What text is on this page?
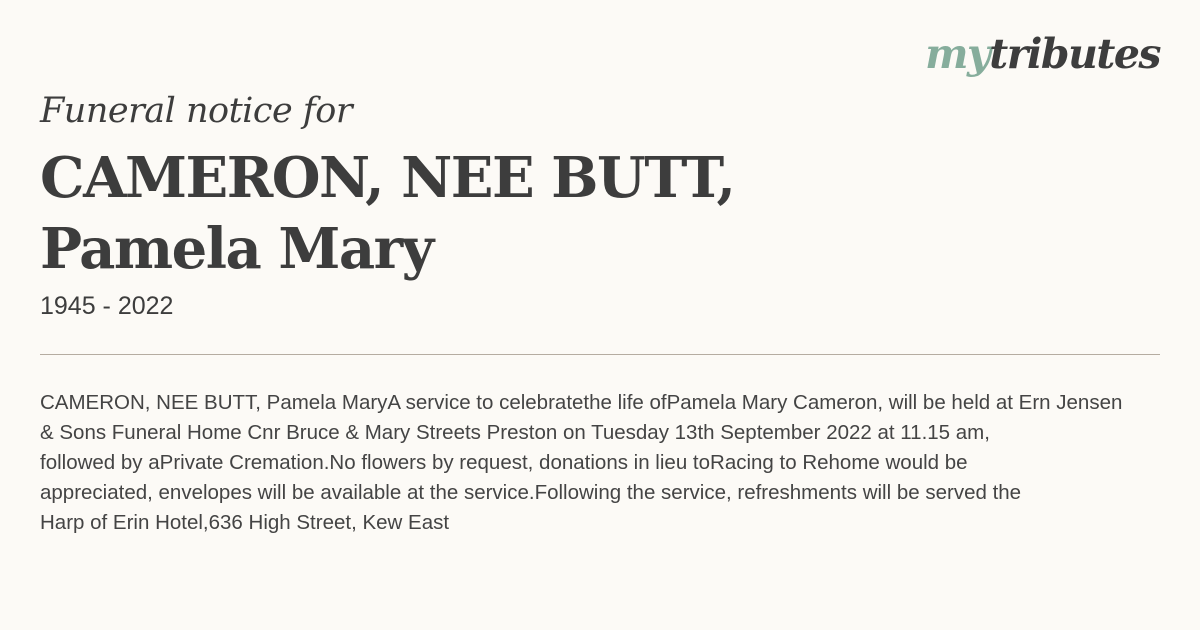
mytributes
Funeral notice for
CAMERON, NEE BUTT,
Pamela Mary
1945 - 2022
CAMERON, NEE BUTT, Pamela MaryA service to celebratethe life ofPamela Mary Cameron, will be held at Ern Jensen
& Sons Funeral Home Cnr Bruce & Mary Streets Preston on Tuesday 13th September 2022 at 11.15 am,
followed by aPrivate Cremation.No flowers by request, donations in lieu toRacing to Rehome would be
appreciated, envelopes will be available at the service.Following the service, refreshments will be served the
Harp of Erin Hotel,636 High Street, Kew East
